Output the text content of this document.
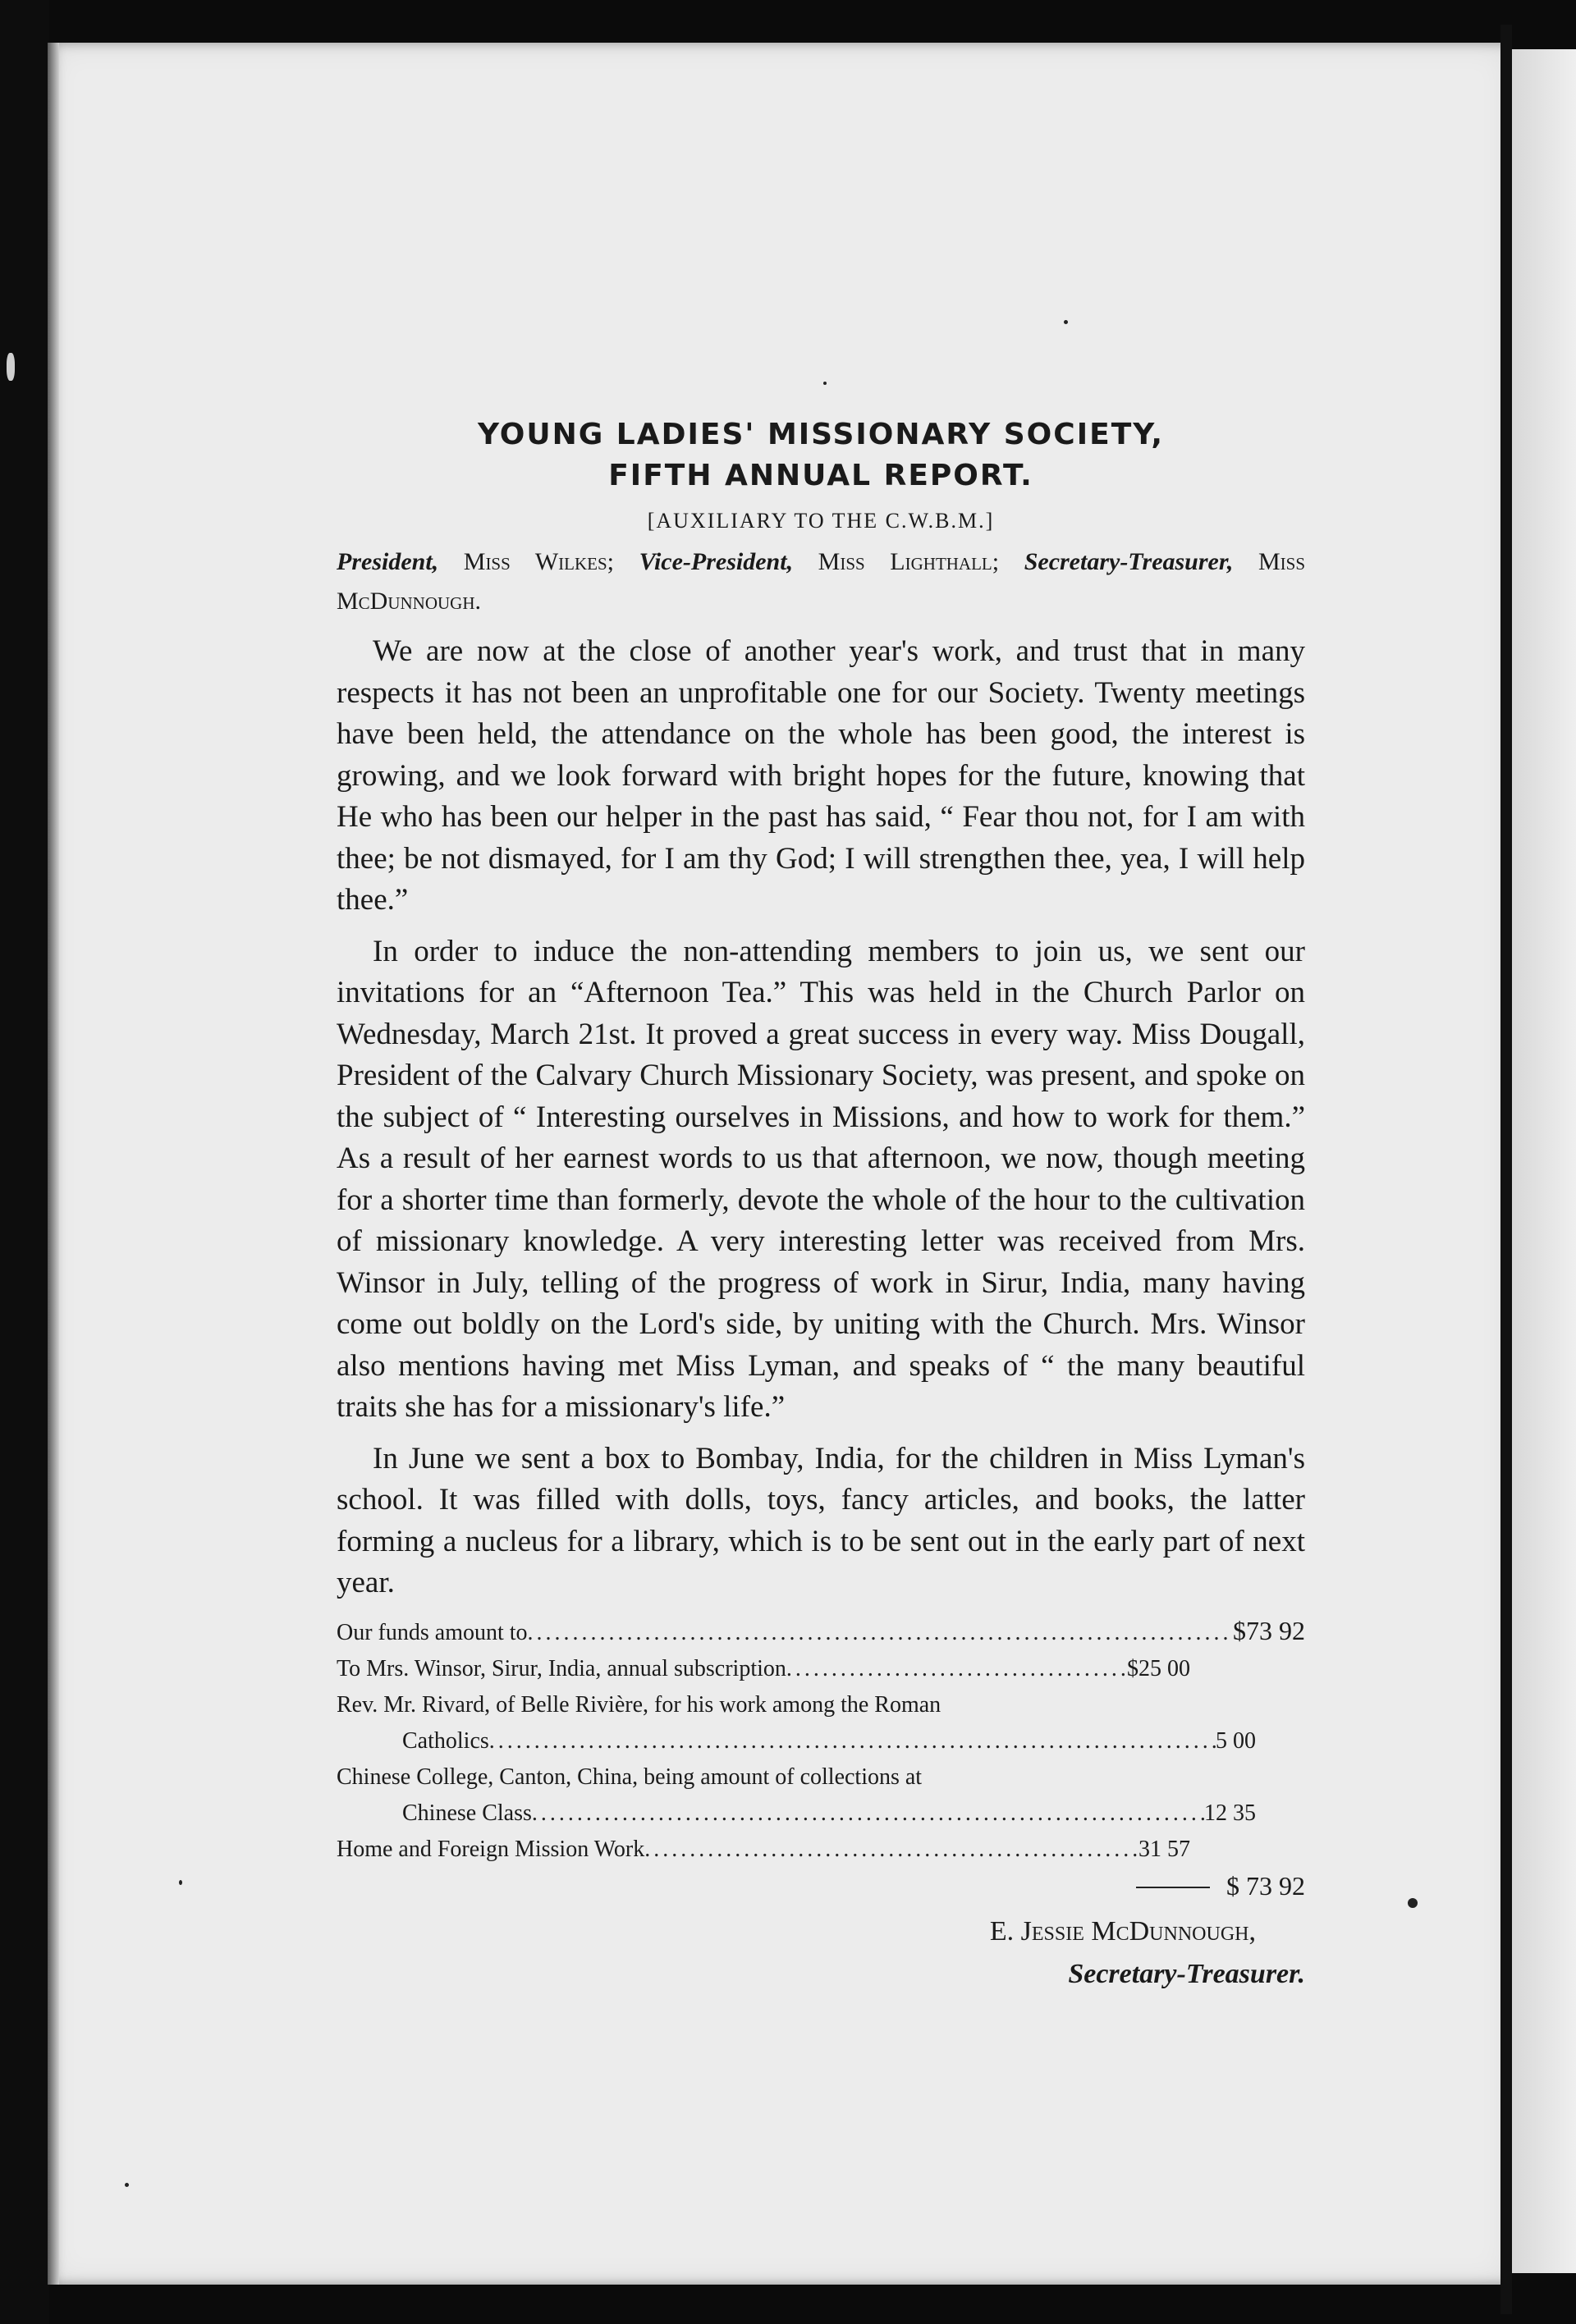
YOUNG LADIES' MISSIONARY SOCIETY,
FIFTH ANNUAL REPORT.
[AUXILIARY TO THE C.W.B.M.]
President, Miss Wilkes; Vice-President, Miss Lighthall; Secretary-Treasurer, Miss McDunnough.

We are now at the close of another year's work, and trust that in many respects it has not been an unprofitable one for our Society. Twenty meetings have been held, the attendance on the whole has been good, the interest is growing, and we look forward with bright hopes for the future, knowing that He who has been our helper in the past has said, “ Fear thou not, for I am with thee; be not dismayed, for I am thy God; I will strengthen thee, yea, I will help thee.”

In order to induce the non-attending members to join us, we sent our invitations for an “Afternoon Tea.” This was held in the Church Parlor on Wednesday, March 21st. It proved a great success in every way. Miss Dougall, President of the Calvary Church Missionary Society, was present, and spoke on the subject of “ Interesting ourselves in Missions, and how to work for them.” As a result of her earnest words to us that afternoon, we now, though meeting for a shorter time than formerly, devote the whole of the hour to the cultivation of missionary knowledge. A very interesting letter was received from Mrs. Winsor in July, telling of the progress of work in Sirur, India, many having come out boldly on the Lord's side, by uniting with the Church. Mrs. Winsor also mentions having met Miss Lyman, and speaks of “ the many beautiful traits she has for a missionary's life.”

In June we sent a box to Bombay, India, for the children in Miss Lyman's school. It was filled with dolls, toys, fancy articles, and books, the latter forming a nucleus for a library, which is to be sent out in the early part of next year.

Our funds amount to .....	$73 92
To Mrs. Winsor, Sirur, India, annual subscription .....	$25 00
Rev. Mr. Rivard, of Belle Rivière, for his work among the Roman
Catholics .....	5 00
Chinese College, Canton, China, being amount of collections at
Chinese Class .....	12 35
Home and Foreign Mission Work .....	31 57
$ 73 92
E. Jessie McDunnough,
Secretary-Treasurer.
